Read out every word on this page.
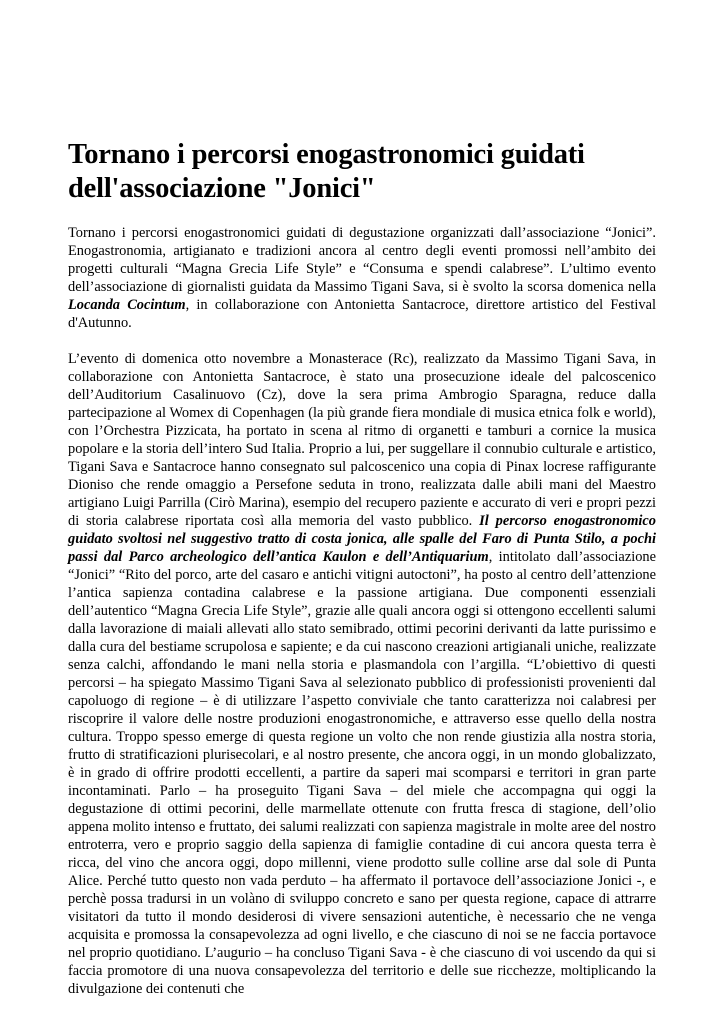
Tornano i percorsi enogastronomici guidati dell'associazione "Jonici"

Tornano i percorsi enogastronomici guidati di degustazione organizzati dall’associazione “Jonici”. Enogastronomia, artigianato e tradizioni ancora al centro degli eventi promossi nell’ambito dei progetti culturali “Magna Grecia Life Style” e “Consuma e spendi calabrese”. L’ultimo evento dell’associazione di giornalisti guidata da Massimo Tigani Sava, si è svolto la scorsa domenica nella Locanda Cocintum, in collaborazione con Antonietta Santacroce, direttore artistico del Festival d'Autunno.

L’evento di domenica otto novembre a Monasterace (Rc), realizzato da Massimo Tigani Sava, in collaborazione con Antonietta Santacroce, è stato una prosecuzione ideale del palcoscenico dell’Auditorium Casalinuovo (Cz), dove la sera prima Ambrogio Sparagna, reduce dalla partecipazione al Womex di Copenhagen (la più grande fiera mondiale di musica etnica folk e world), con l’Orchestra Pizzicata, ha portato in scena al ritmo di organetti e tamburi a cornice la musica popolare e la storia dell’intero Sud Italia. Proprio a lui, per suggellare il connubio culturale e artistico, Tigani Sava e Santacroce hanno consegnato sul palcoscenico una copia di Pinax locrese raffigurante Dioniso che rende omaggio a Persefone seduta in trono, realizzata dalle abili mani del Maestro artigiano Luigi Parrilla (Cirò Marina), esempio del recupero paziente e accurato di veri e propri pezzi di storia calabrese riportata così alla memoria del vasto pubblico. Il percorso enogastronomico guidato svoltosi nel suggestivo tratto di costa jonica, alle spalle del Faro di Punta Stilo, a pochi passi dal Parco archeologico dell’antica Kaulon e dell’Antiquarium, intitolato dall’associazione “Jonici” “Rito del porco, arte del casaro e antichi vitigni autoctoni”, ha posto al centro dell’attenzione l’antica sapienza contadina calabrese e la passione artigiana. Due componenti essenziali dell’autentico “Magna Grecia Life Style”, grazie alle quali ancora oggi si ottengono eccellenti salumi dalla lavorazione di maiali allevati allo stato semibrado, ottimi pecorini derivanti da latte purissimo e dalla cura del bestiame scrupolosa e sapiente; e da cui nascono creazioni artigianali uniche, realizzate senza calchi, affondando le mani nella storia e plasmandola con l’argilla. “L’obiettivo di questi percorsi – ha spiegato Massimo Tigani Sava al selezionato pubblico di professionisti provenienti dal capoluogo di regione – è di utilizzare l’aspetto conviviale che tanto caratterizza noi calabresi per riscoprire il valore delle nostre produzioni enogastronomiche, e attraverso esse quello della nostra cultura. Troppo spesso emerge di questa regione un volto che non rende giustizia alla nostra storia, frutto di stratificazioni plurisecolari, e al nostro presente, che ancora oggi, in un mondo globalizzato, è in grado di offrire prodotti eccellenti, a partire da saperi mai scomparsi e territori in gran parte incontaminati. Parlo – ha proseguito Tigani Sava – del miele che accompagna qui oggi la degustazione di ottimi pecorini, delle marmellate ottenute con frutta fresca di stagione, dell’olio appena molito intenso e fruttato, dei salumi realizzati con sapienza magistrale in molte aree del nostro entroterra, vero e proprio saggio della sapienza di famiglie contadine di cui ancora questa terra è ricca, del vino che ancora oggi, dopo millenni, viene prodotto sulle colline arse dal sole di Punta Alice. Perché tutto questo non vada perduto – ha affermato il portavoce dell’associazione Jonici -, e perchè possa tradursi in un volàno di sviluppo concreto e sano per questa regione, capace di attrarre visitatori da tutto il mondo desiderosi di vivere sensazioni autentiche, è necessario che ne venga acquisita e promossa la consapevolezza ad ogni livello, e che ciascuno di noi se ne faccia portavoce nel proprio quotidiano. L’augurio – ha concluso Tigani Sava - è che ciascuno di voi uscendo da qui si faccia promotore di una nuova consapevolezza del territorio e delle sue ricchezze, moltiplicando la divulgazione dei contenuti che
